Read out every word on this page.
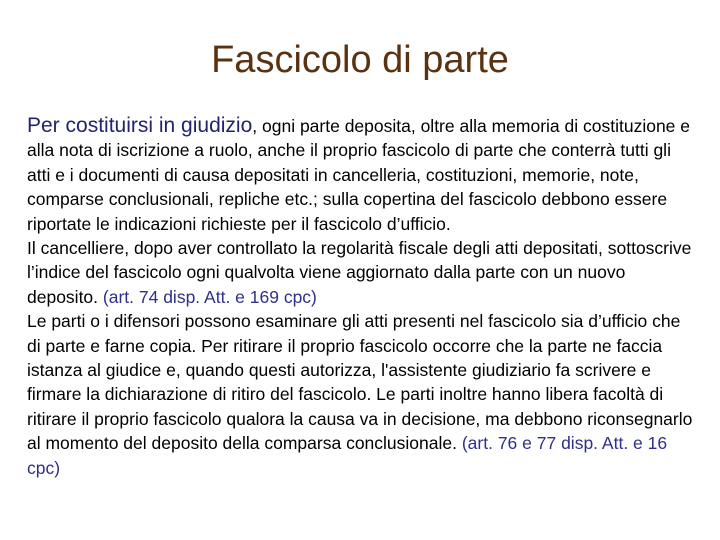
Fascicolo di parte
Per costituirsi in giudizio, ogni parte deposita, oltre alla memoria di costituzione e alla nota di iscrizione a ruolo, anche il proprio fascicolo di parte che conterrà tutti gli atti e i documenti di causa depositati in cancelleria, costituzioni, memorie, note, comparse conclusionali, repliche etc.; sulla copertina del fascicolo debbono essere riportate le indicazioni richieste per il fascicolo d’ufficio.
Il cancelliere, dopo aver controllato la regolarità fiscale degli atti depositati, sottoscrive l’indice del fascicolo ogni qualvolta viene aggiornato dalla parte con un nuovo deposito. (art. 74 disp. Att. e 169 cpc)
Le parti o i difensori possono esaminare gli atti presenti nel fascicolo sia d’ufficio che di parte e farne copia. Per ritirare il proprio fascicolo occorre che la parte ne faccia istanza al giudice e, quando questi autorizza, l'assistente giudiziario fa scrivere e firmare la dichiarazione di ritiro del fascicolo. Le parti inoltre hanno libera facoltà di ritirare il proprio fascicolo qualora la causa va in decisione, ma debbono riconsegnarlo al momento del deposito della comparsa conclusionale. (art. 76 e 77 disp. Att. e 16 cpc)
